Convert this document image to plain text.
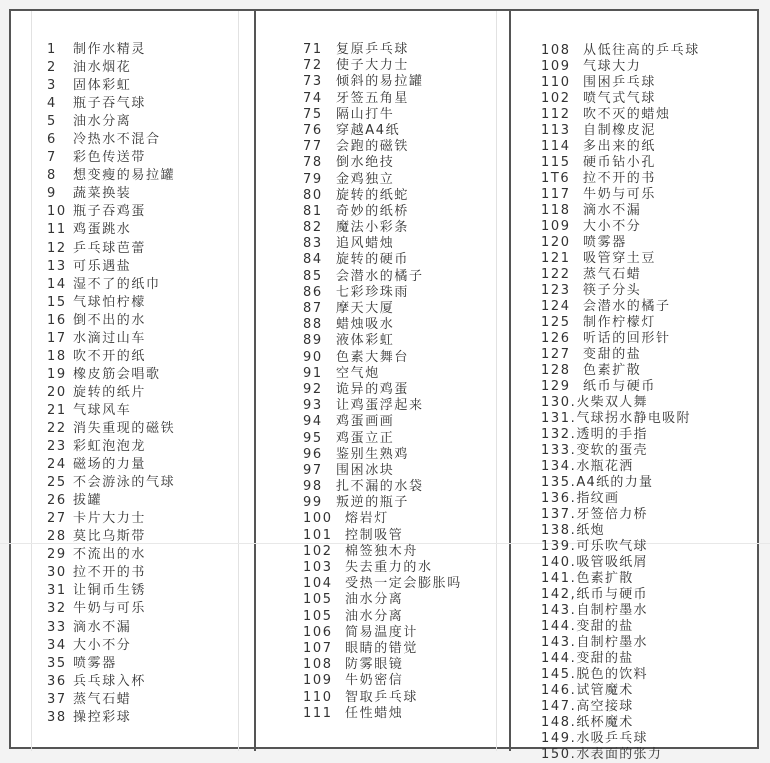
1	制作水精灵
2	油水烟花
3	固体彩虹
4	瓶子吞气球
5	油水分离
6	冷热水不混合
7	彩色传送带
8	想变瘦的易拉罐
9	蔬菜换装
10 瓶子吞鸡蛋
11 鸡蛋跳水
12 乒乓球芭蕾
13 可乐遇盐
14 湿不了的纸巾
15 气球怕柠檬
16 倒不出的水
17 水滴过山车
18 吹不开的纸
19 橡皮筋会唱歌
20 旋转的纸片
21 气球风车
22 消失重现的磁铁
23 彩虹泡泡龙
24 磁场的力量
25 不会游泳的气球
26 拔罐
27 卡片大力士
28 莫比乌斯带
29 不流出的水
30 拉不开的书
31 让铜币生锈
32 牛奶与可乐
33 滴水不漏
34 大小不分
35 喷雾器
36 兵乓球入杯
37 蒸气石蜡
38 操控彩球
71	复原乒乓球
72	使子大力士
73	倾斜的易拉罐
74	牙签五角星
75	隔山打牛
76	穿越A4纸
77	会跑的磁铁
78	倒水绝技
79	金鸡独立
80	旋转的纸蛇
81	奇妙的纸桥
82	魔法小彩条
83	追风蜡烛
84	旋转的硬币
85	会潜水的橘子
86	七彩珍珠雨
87	摩天大厦
88	蜡烛吸水
89	液体彩虹
90	色素大舞台
91	空气炮
92	诡异的鸡蛋
93	让鸡蛋浮起来
94	鸡蛋画画
95	鸡蛋立正
96	鉴别生熟鸡
97	围困冰块
98	扎不漏的水袋
99	叛逆的瓶子
100 熔岩灯
101 控制吸管
102 棉签独木舟
103 失去重力的水
104 受热一定会膨胀吗
105 油水分离
105 油水分离
106 简易温度计
107 眼睛的错觉
108 防雾眼镜
109 牛奶密信
110 智取乒乓球
111 任性蜡烛
108 从低往高的乒乓球
109 气球大力
110 围困乒乓球
102 喷气式气球
112 吹不灭的蜡烛
113 自制橡皮泥
114 多出来的纸
115 硬币钻小孔
1T6 拉不开的书
117 牛奶与可乐
118 滴水不漏
109 大小不分
120 喷雾器
121 吸管穿土豆
122 蒸气石蜡
123 筷子分头
124 会潜水的橘子
125 制作柠檬灯
126 听话的回形针
127 变甜的盐
128 色素扩散
129 纸币与硬币
130. 火柴双人舞
131. 气球拐水静电吸附
132. 透明的手指
133. 变软的蛋壳
134. 水瓶花洒
135. A4纸的力量
136. 指纹画
137. 牙签倍力桥
138. 纸炮
139. 可乐吹气球
140. 吸管吸纸屑
141. 色素扩散
142, 纸币与硬币
143. 自制柠墨水
144. 变甜的盐
143. 自制柠墨水
144. 变甜的盐
145. 脱色的饮料
146. 试管魔术
147. 高空接球
148. 纸杯魔术
149. 水吸乒乓球
150. 水表面的张力
